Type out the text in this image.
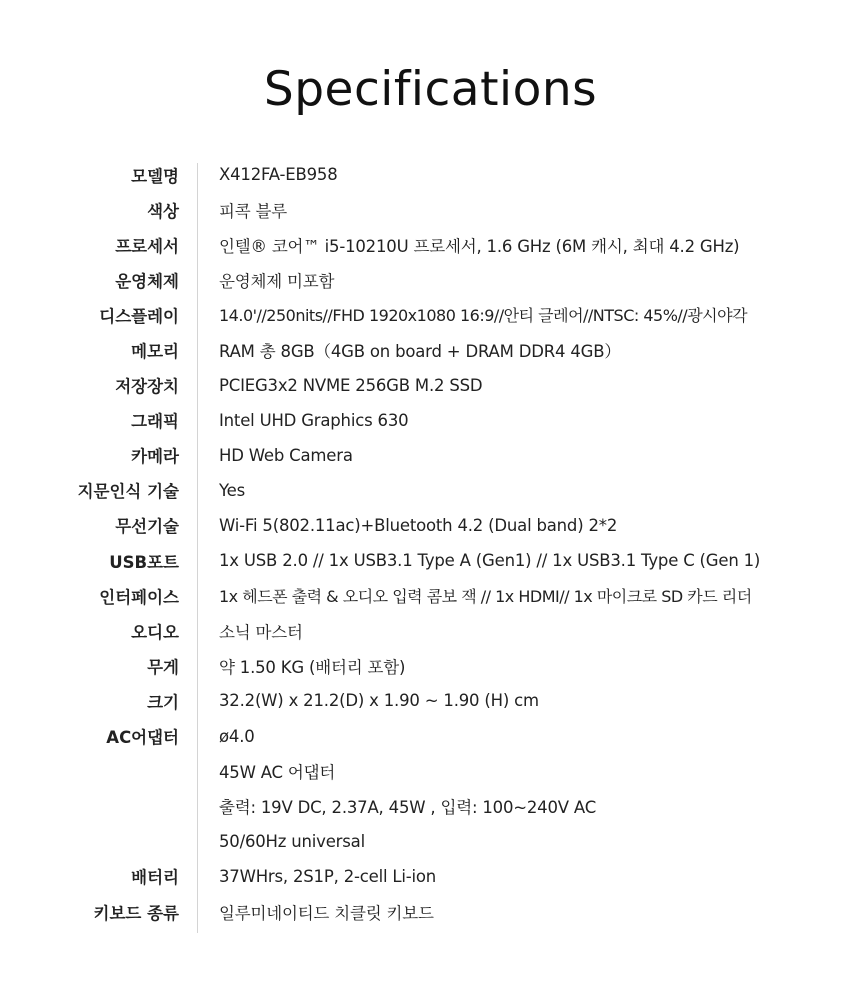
Specifications
모델명 X412FA-EB958
색상 피콕 블루
프로세서 인텔® 코어™ i5-10210U 프로세서, 1.6 GHz (6M 캐시, 최대 4.2 GHz)
운영체제 운영체제 미포함
디스플레이	14.0'//250nits//FHD 1920x1080 16:9//안티 글레어//NTSC: 45%//광시야각
메모리 RAM 총 8GB（4GB on board + DRAM DDR4 4GB）
저장장치 PCIEG3x2 NVME 256GB M.2 SSD
그래픽 Intel UHD Graphics 630
카메라 HD Web Camera
지문인식 기술 Yes
무선기술 Wi-Fi 5(802.11ac)+Bluetooth 4.2 (Dual band) 2*2
USB포트 1x USB 2.0 // 1x USB3.1 Type A (Gen1) // 1x USB3.1 Type C (Gen 1)
인터페이스	1x 헤드폰 출력 & 오디오 입력 콤보 잭 // 1x HDMI// 1x 마이크로 SD 카드 리더
오디오 소닉 마스터
무게 약 1.50 KG (배터리 포함)
크기 32.2(W) x 21.2(D) x 1.90 ~ 1.90 (H) cm
AC어댑터 ø4.0
45W AC 어댑터
출력: 19V DC, 2.37A, 45W , 입력: 100~240V AC
50/60Hz universal
배터리 37WHrs, 2S1P, 2-cell Li-ion
키보드 종류 일루미네이티드 치클릿 키보드
